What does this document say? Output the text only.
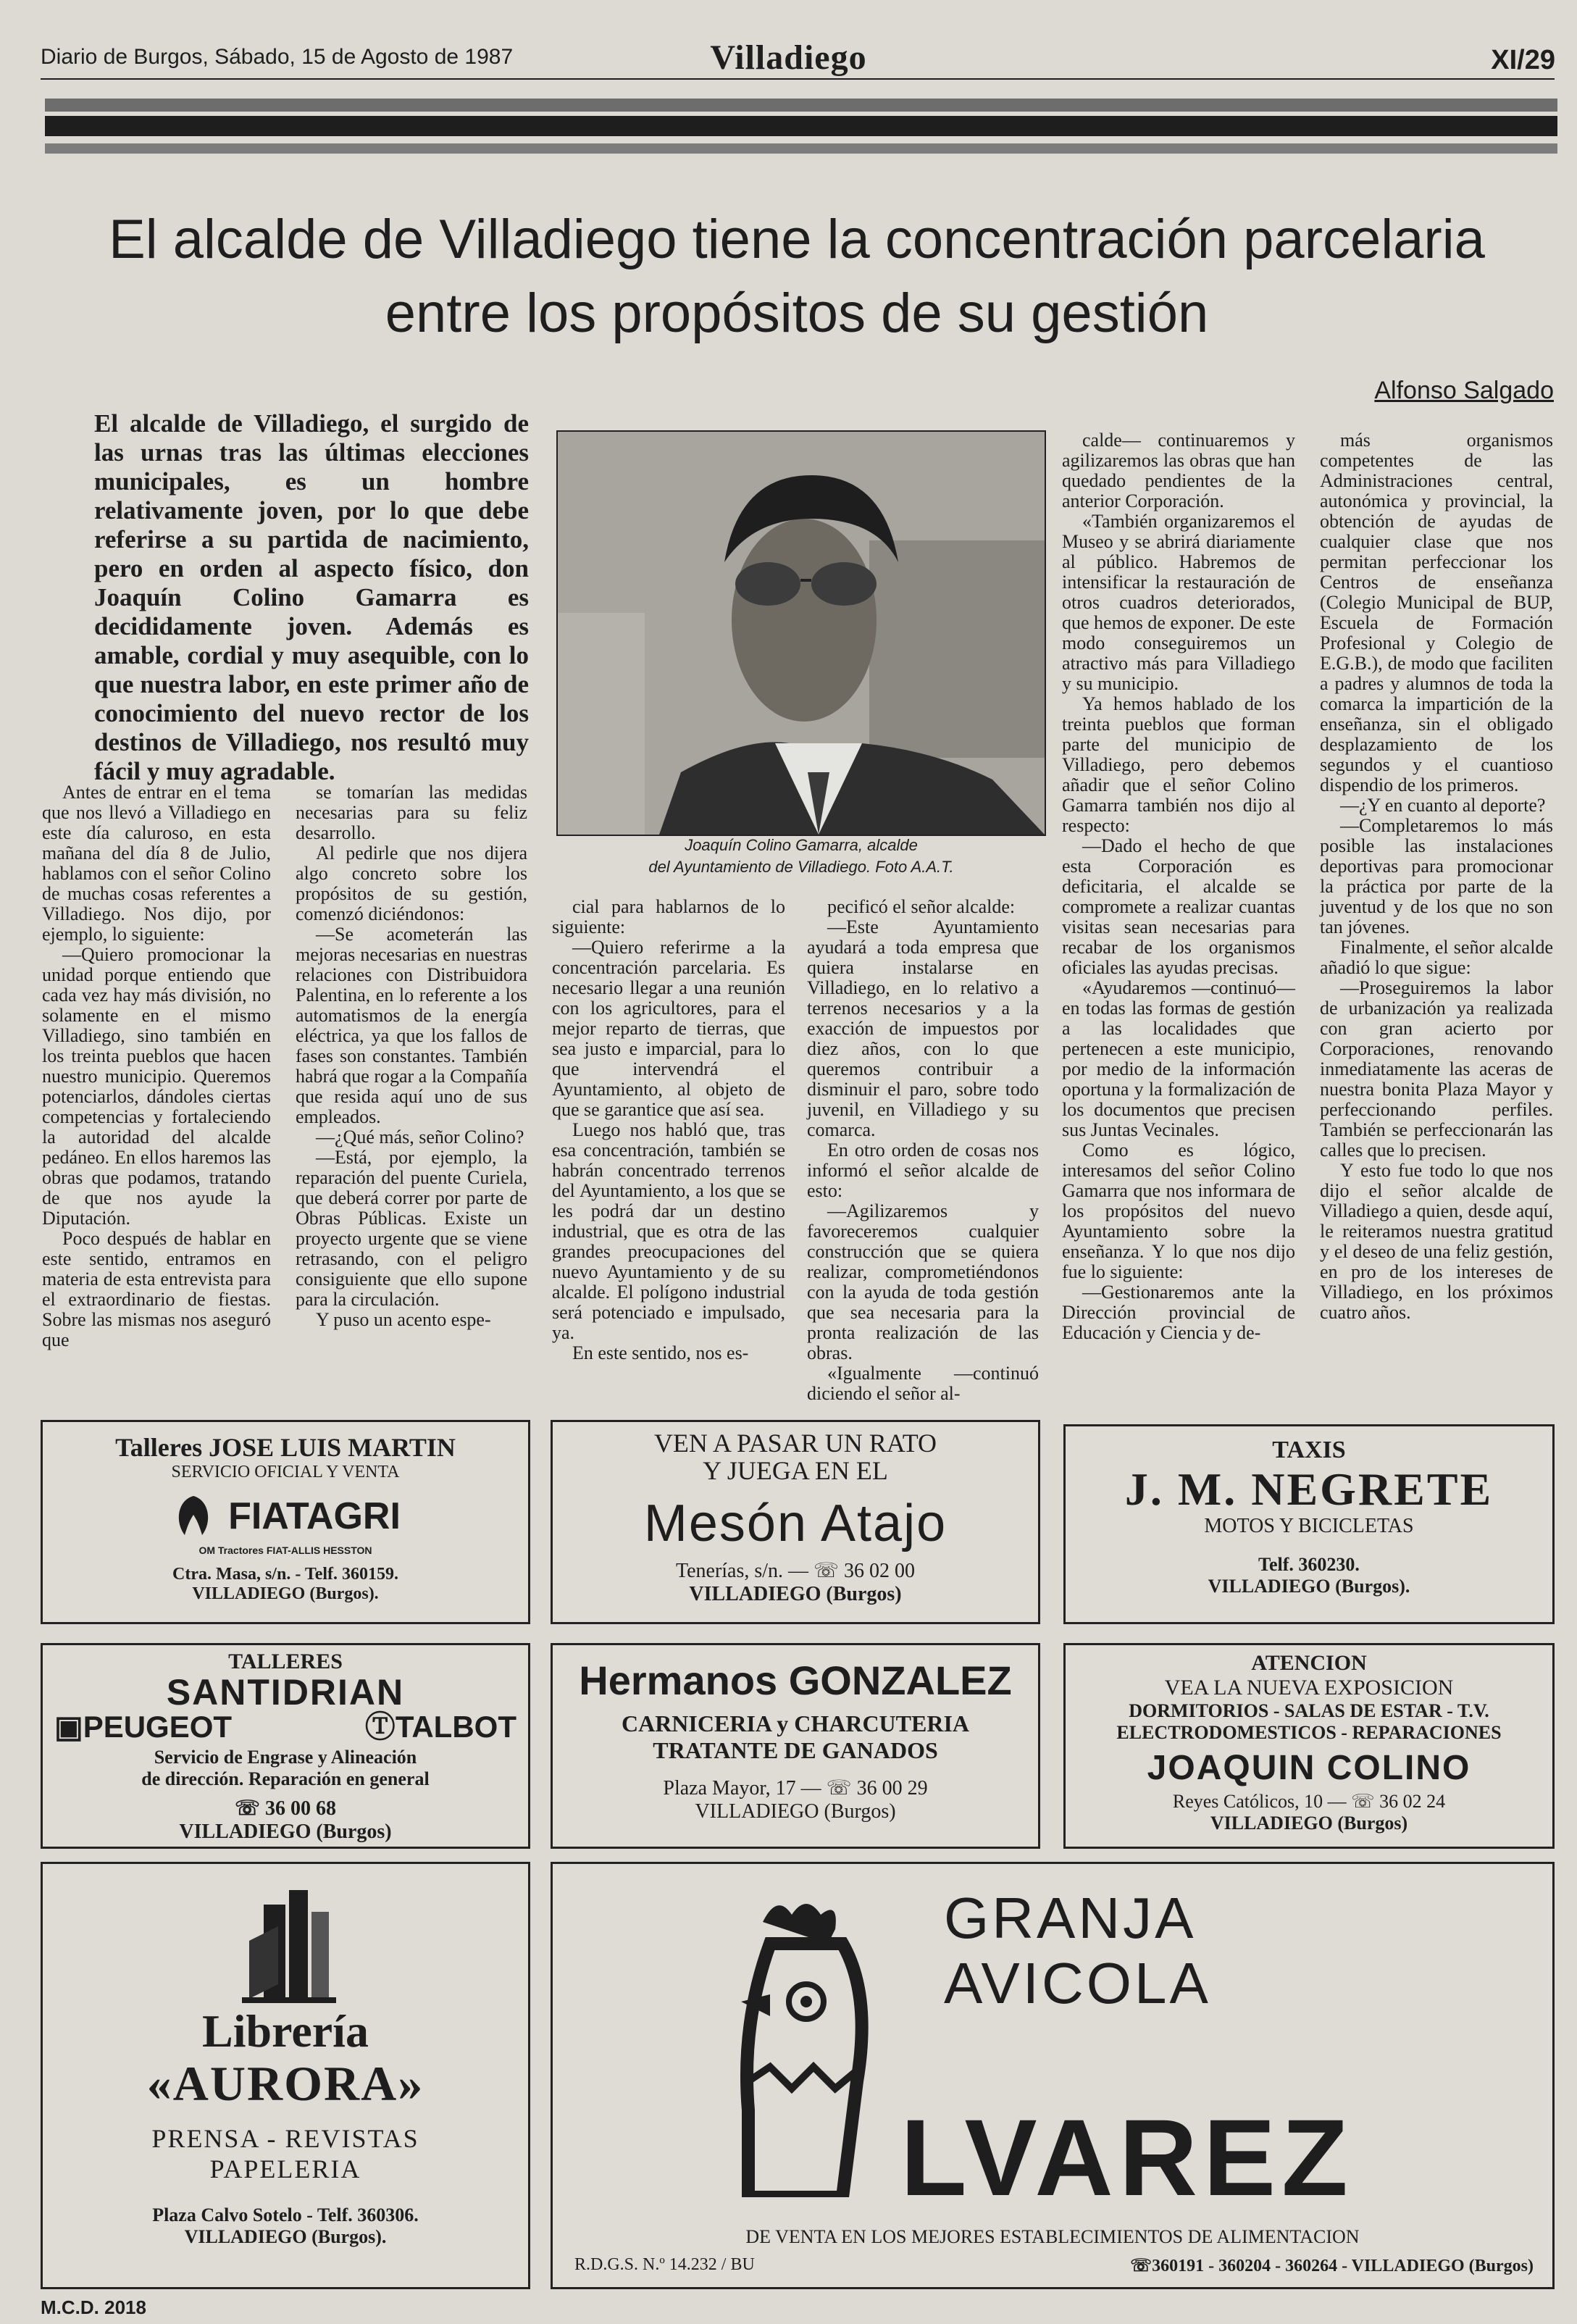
Diario de Burgos, Sábado, 15 de Agosto de 1987	Villadiego	XI/29
El alcalde de Villadiego tiene la concentración parcelaria
entre los propósitos de su gestión
Alfonso Salgado
El alcalde de Villadiego, el surgido de las urnas tras las últimas elecciones municipales, es un hombre relativamente joven, por lo que debe referirse a su partida de nacimiento, pero en orden al aspecto físico, don Joaquín Colino Gamarra es decididamente joven. Además es amable, cordial y muy asequible, con lo que nuestra labor, en este primer año de conocimiento del nuevo rector de los destinos de Villadiego, nos resultó muy fácil y muy agradable.
Joaquín Colino Gamarra, alcalde
del Ayuntamiento de Villadiego. Foto A.A.T.

Antes de entrar en el tema que nos llevó a Villadiego en este día caluroso, en esta mañana del día 8 de Julio, hablamos con el señor Colino de muchas cosas referentes a Villadiego. Nos dijo, por ejemplo, lo siguiente:

—Quiero promocionar la unidad porque entiendo que cada vez hay más división, no solamente en el mismo Villadiego, sino también en los treinta pueblos que hacen nuestro municipio. Queremos potenciarlos, dándoles ciertas competencias y fortaleciendo la autoridad del alcalde pedáneo. En ellos haremos las obras que podamos, tratando de que nos ayude la Diputación.

Poco después de hablar en este sentido, entramos en materia de esta entrevista para el extraordinario de fiestas. Sobre las mismas nos aseguró que

se tomarían las medidas necesarias para su feliz desarrollo.

Al pedirle que nos dijera algo concreto sobre los propósitos de su gestión, comenzó diciéndonos:

—Se acometerán las mejoras necesarias en nuestras relaciones con Distribuidora Palentina, en lo referente a los automatismos de la energía eléctrica, ya que los fallos de fases son constantes. También habrá que rogar a la Compañía que resida aquí uno de sus empleados.

—¿Qué más, señor Colino?

—Está, por ejemplo, la reparación del puente Curiela, que deberá correr por parte de Obras Públicas. Existe un proyecto urgente que se viene retrasando, con el peligro consiguiente que ello supone para la circulación.

Y puso un acento espe-

cial para hablarnos de lo siguiente:

—Quiero referirme a la concentración parcelaria. Es necesario llegar a una reunión con los agricultores, para el mejor reparto de tierras, que sea justo e imparcial, para lo que intervendrá el Ayuntamiento, al objeto de que se garantice que así sea.

Luego nos habló que, tras esa concentración, también se habrán concentrado terrenos del Ayuntamiento, a los que se les podrá dar un destino industrial, que es otra de las grandes preocupaciones del nuevo Ayuntamiento y de su alcalde. El polígono industrial será potenciado e impulsado, ya.

En este sentido, nos es-

pecificó el señor alcalde:

—Este Ayuntamiento ayudará a toda empresa que quiera instalarse en Villadiego, en lo relativo a terrenos necesarios y a la exacción de impuestos por diez años, con lo que queremos contribuir a disminuir el paro, sobre todo juvenil, en Villadiego y su comarca.

En otro orden de cosas nos informó el señor alcalde de esto:

—Agilizaremos y favoreceremos cualquier construcción que se quiera realizar, comprometiéndonos con la ayuda de toda gestión que sea necesaria para la pronta realización de las obras.

«Igualmente —continuó diciendo el señor al-

calde— continuaremos y agilizaremos las obras que han quedado pendientes de la anterior Corporación.

«También organizaremos el Museo y se abrirá diariamente al público. Habremos de intensificar la restauración de otros cuadros deteriorados, que hemos de exponer. De este modo conseguiremos un atractivo más para Villadiego y su municipio.

Ya hemos hablado de los treinta pueblos que forman parte del municipio de Villadiego, pero debemos añadir que el señor Colino Gamarra también nos dijo al respecto:

—Dado el hecho de que esta Corporación es deficitaria, el alcalde se compromete a realizar cuantas visitas sean necesarias para recabar de los organismos oficiales las ayudas precisas.

«Ayudaremos —continuó— en todas las formas de gestión a las localidades que pertenecen a este municipio, por medio de la información oportuna y la formalización de los documentos que precisen sus Juntas Vecinales.

Como es lógico, interesamos del señor Colino Gamarra que nos informara de los propósitos del nuevo Ayuntamiento sobre la enseñanza. Y lo que nos dijo fue lo siguiente:

—Gestionaremos ante la Dirección provincial de Educación y Ciencia y de-

más organismos competentes de las Administraciones central, autonómica y provincial, la obtención de ayudas de cualquier clase que nos permitan perfeccionar los Centros de enseñanza (Colegio Municipal de BUP, Escuela de Formación Profesional y Colegio de E.G.B.), de modo que faciliten a padres y alumnos de toda la comarca la impartición de la enseñanza, sin el obligado desplazamiento de los segundos y el cuantioso dispendio de los primeros.

—¿Y en cuanto al deporte?

—Completaremos lo más posible las instalaciones deportivas para promocionar la práctica por parte de la juventud y de los que no son tan jóvenes.

Finalmente, el señor alcalde añadió lo que sigue:

—Proseguiremos la labor de urbanización ya realizada con gran acierto por Corporaciones, renovando inmediatamente las aceras de nuestra bonita Plaza Mayor y perfeccionando perfiles. También se perfeccionarán las calles que lo precisen.

Y esto fue todo lo que nos dijo el señor alcalde de Villadiego a quien, desde aquí, le reiteramos nuestra gratitud y el deseo de una feliz gestión, en pro de los intereses de Villadiego, en los próximos cuatro años.

Talleres JOSE LUIS MARTIN
SERVICIO OFICIAL Y VENTA
FIATAGRI
OM Tractores FIAT-ALLIS HESSTON
Ctra. Masa, s/n. - Telf. 360159.
VILLADIEGO (Burgos).
VEN A PASAR UN RATO
Y JUEGA EN EL
Mesón Atajo
Tenerías, s/n. — ☏ 36 02 00
VILLADIEGO (Burgos)
TAXIS
J. M. NEGRETE
MOTOS Y BICICLETAS
Telf. 360230.
VILLADIEGO (Burgos).
TALLERES
SANTIDRIAN
▣PEUGEOT	ⓉTALBOT
Servicio de Engrase y Alineación
de dirección. Reparación en general
☏ 36 00 68
VILLADIEGO (Burgos)
Hermanos GONZALEZ
CARNICERIA y CHARCUTERIA
TRATANTE DE GANADOS
Plaza Mayor, 17 — ☏ 36 00 29
VILLADIEGO (Burgos)
ATENCION
VEA LA NUEVA EXPOSICION
DORMITORIOS - SALAS DE ESTAR - T.V.
ELECTRODOMESTICOS - REPARACIONES
JOAQUIN COLINO
Reyes Católicos, 10 — ☏ 36 02 24
VILLADIEGO (Burgos)
Librería
«AURORA»
PRENSA - REVISTAS
PAPELERIA
Plaza Calvo Sotelo - Telf. 360306.
VILLADIEGO (Burgos).
GRANJA
AVICOLA
LVAREZ
DE VENTA EN LOS MEJORES ESTABLECIMIENTOS DE ALIMENTACION
R.D.G.S. N.º 14.232 / BU	☏360191 - 360204 - 360264 - VILLADIEGO (Burgos)
M.C.D. 2018
